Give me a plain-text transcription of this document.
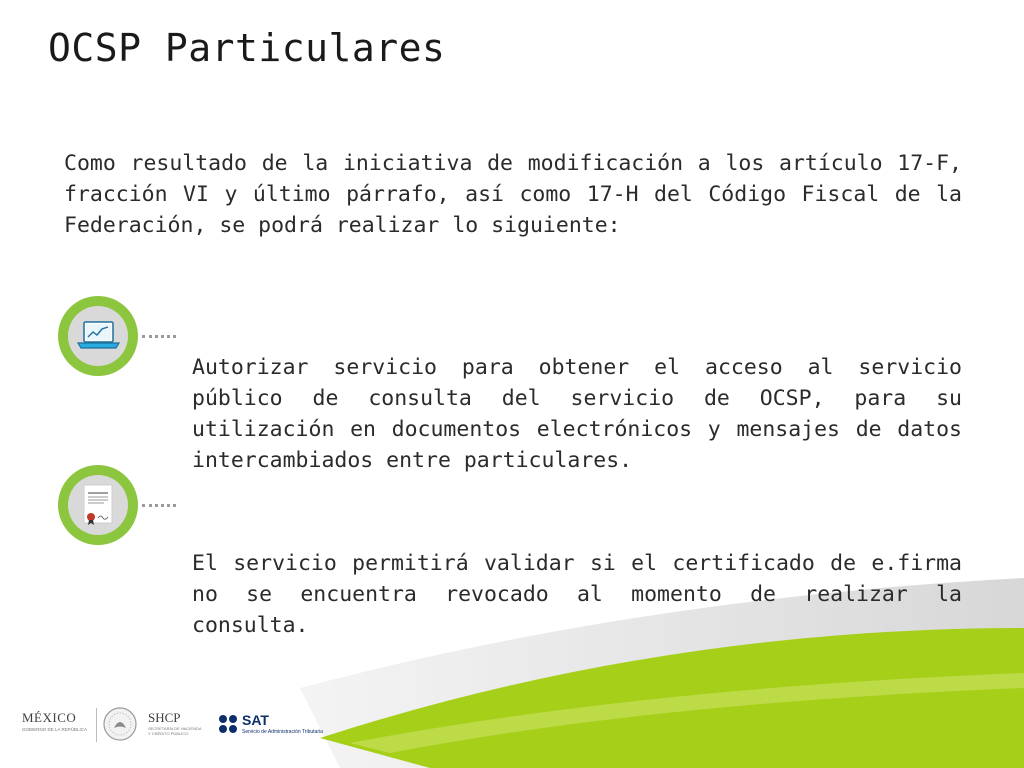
OCSP Particulares

Como resultado de la iniciativa de modificación a los artículo 17-F, fracción VI y último párrafo, así como 17-H del Código Fiscal de la Federación, se podrá realizar lo siguiente:

Autorizar servicio para obtener el acceso al servicio público de consulta del servicio de OCSP, para su utilización en documentos electrónicos y mensajes de datos intercambiados entre particulares.

El servicio permitirá validar si el certificado de e.firma no se encuentra revocado al momento de realizar la consulta.

MÉXICO
GOBIERNO DE LA REPÚBLICA
SHCP
SECRETARÍA DE HACIENDA
Y CRÉDITO PÚBLICO
SAT
Servicio de Administración Tributaria
